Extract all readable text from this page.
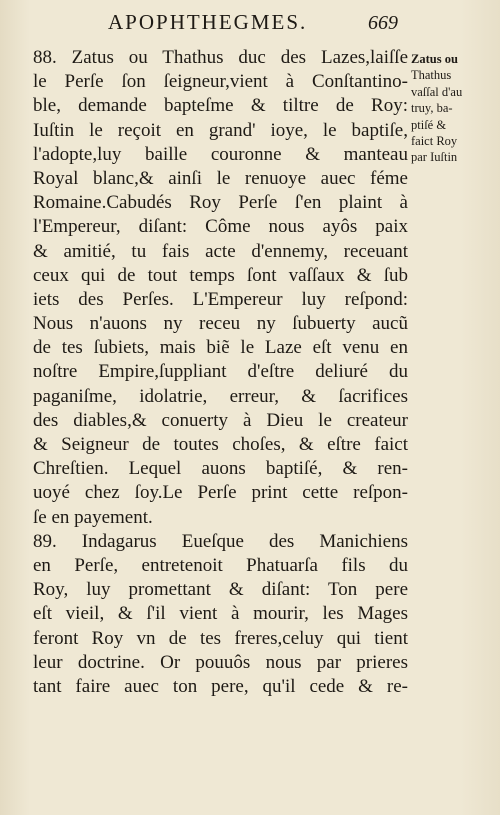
APOPHTHEGMES.	669
88. Zatus ou Thathus duc des Lazes,laiſſe
le Perſe ſon ſeigneur,vient à Conſtantino-
ble, demande bapteſme & tiltre de Roy:
Iuſtin le reçoit en grand' ioye, le baptiſe,
l'adopte,luy baille couronne & manteau
Royal blanc,& ainſi le renuoye auec féme
Romaine.Cabudés Roy Perſe ſ'en plaint à
l'Empereur, diſant: Côme nous ayôs paix
& amitié, tu fais acte d'ennemy, receuant
ceux qui de tout temps ſont vaſſaux & ſub
iets des Perſes. L'Empereur luy reſpond:
Nous n'auons ny receu ny ſubuerty aucũ
de tes ſubiets, mais biẽ le Laze eſt venu en
noſtre Empire,ſuppliant d'eſtre deliuré du
paganiſme, idolatrie, erreur, & ſacrifices
des diables,& conuerty à Dieu le createur
& Seigneur de toutes choſes, & eſtre faict
Chreſtien. Lequel auons baptiſé, & ren-
uoyé chez ſoy.Le Perſe print cette reſpon-
ſe en payement.
89. Indagarus Eueſque des Manichiens
en Perſe, entretenoit Phatuarſa fils du
Roy, luy promettant & diſant: Ton pere
eſt vieil, & ſ'il vient à mourir, les Mages
feront Roy vn de tes freres,celuy qui tient
leur doctrine. Or pouuôs nous par prieres
tant faire auec ton pere, qu'il cede & re-
Zatus ou
Thathus
vaſſal d'au
truy, ba-
ptiſé &
faict Roy
par Iuſtin
